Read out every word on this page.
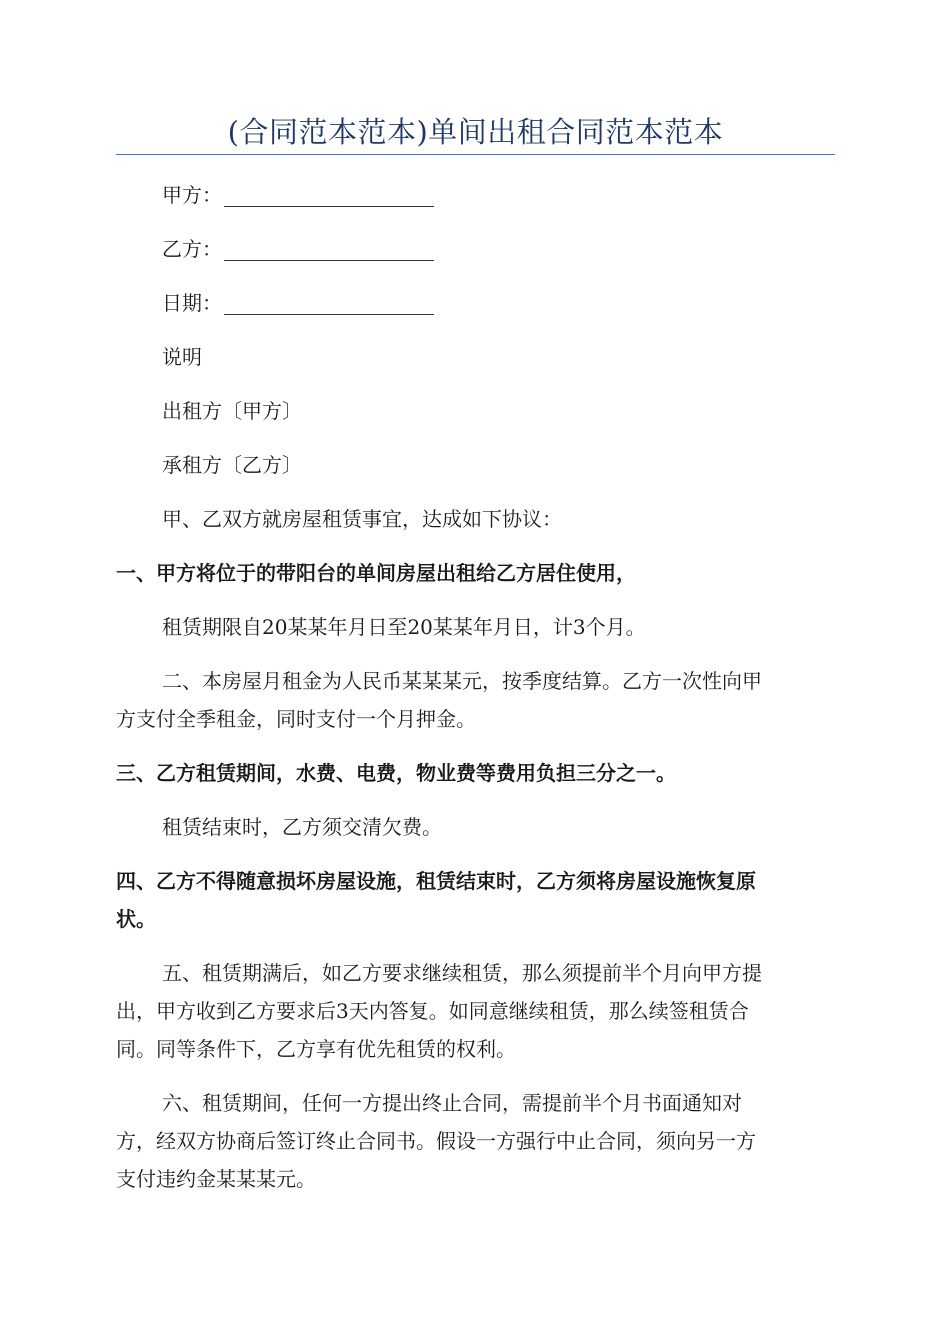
(合同范本范本)单间出租合同范本范本
甲方：
乙方：
日期：
说明
出租方〔甲方〕
承租方〔乙方〕
甲、乙双方就房屋租赁事宜，达成如下协议：
一、甲方将位于的带阳台的单间房屋出租给乙方居住使用，
租赁期限自20某某年月日至20某某年月日，计3个月。
二、本房屋月租金为人民币某某某元，按季度结算。乙方一次性向甲
方支付全季租金，同时支付一个月押金。
三、乙方租赁期间，水费、电费，物业费等费用负担三分之一。
租赁结束时，乙方须交清欠费。
四、乙方不得随意损坏房屋设施，租赁结束时，乙方须将房屋设施恢复原
状。
五、租赁期满后，如乙方要求继续租赁，那么须提前半个月向甲方提
出，甲方收到乙方要求后3天内答复。如同意继续租赁，那么续签租赁合
同。同等条件下，乙方享有优先租赁的权利。
六、租赁期间，任何一方提出终止合同，需提前半个月书面通知对
方，经双方协商后签订终止合同书。假设一方强行中止合同，须向另一方
支付违约金某某某元。
